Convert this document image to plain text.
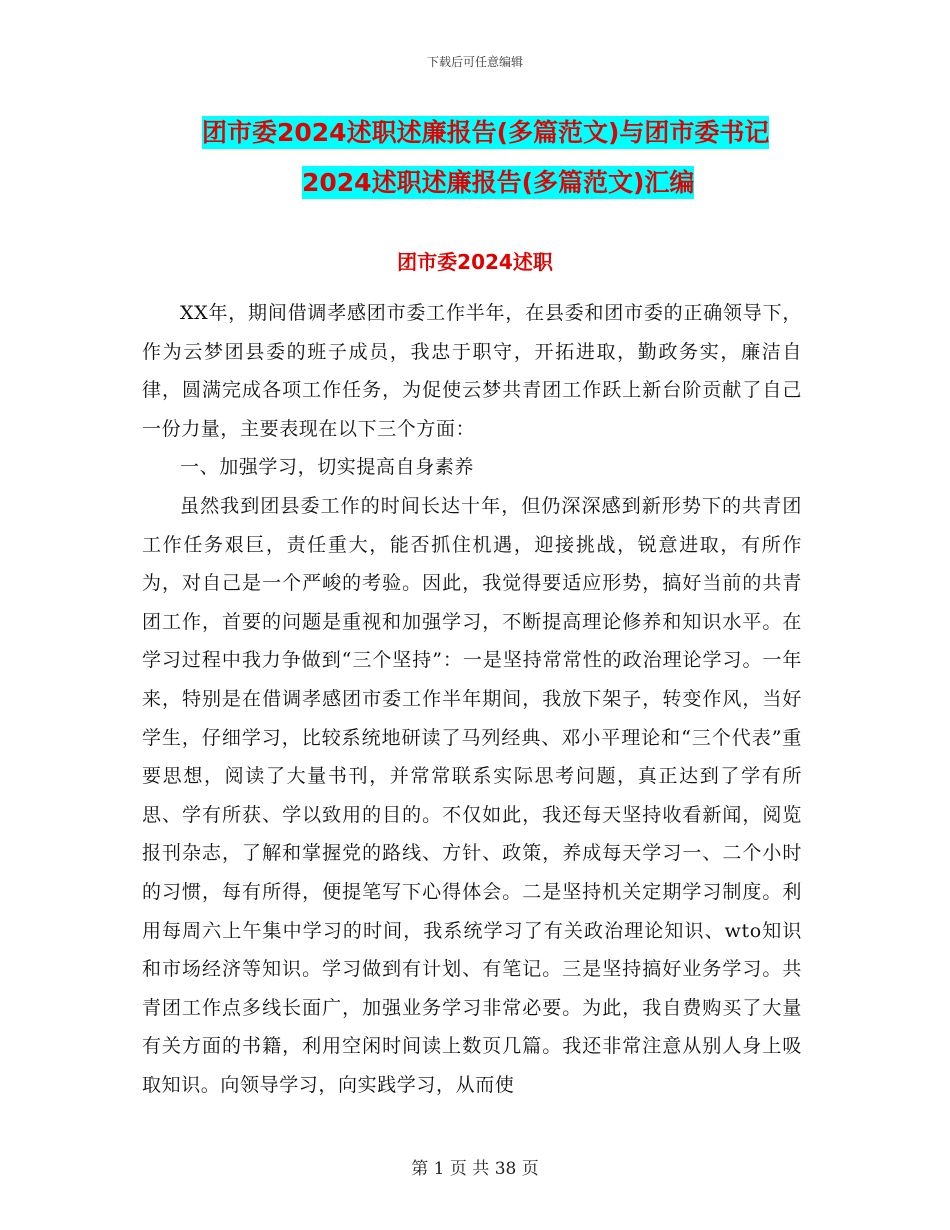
下载后可任意编辑
团市委2024述职述廉报告(多篇范文)与团市委书记
2024述职述廉报告(多篇范文)汇编
团市委2024述职

XX年，期间借调孝感团市委工作半年，在县委和团市委的正确领导下，作为云梦团县委的班子成员，我忠于职守，开拓进取，勤政务实，廉洁自律，圆满完成各项工作任务，为促使云梦共青团工作跃上新台阶贡献了自己一份力量，主要表现在以下三个方面：

一、加强学习，切实提高自身素养

虽然我到团县委工作的时间长达十年，但仍深深感到新形势下的共青团工作任务艰巨，责任重大，能否抓住机遇，迎接挑战，锐意进取，有所作为，对自己是一个严峻的考验。因此，我觉得要适应形势，搞好当前的共青团工作，首要的问题是重视和加强学习，不断提高理论修养和知识水平。在学习过程中我力争做到“三个坚持”：一是坚持常常性的政治理论学习。一年来，特别是在借调孝感团市委工作半年期间，我放下架子，转变作风，当好学生，仔细学习，比较系统地研读了马列经典、邓小平理论和“三个代表”重要思想，阅读了大量书刊，并常常联系实际思考问题，真正达到了学有所思、学有所获、学以致用的目的。不仅如此，我还每天坚持收看新闻，阅览报刊杂志，了解和掌握党的路线、方针、政策，养成每天学习一、二个小时的习惯，每有所得，便提笔写下心得体会。二是坚持机关定期学习制度。利用每周六上午集中学习的时间，我系统学习了有关政治理论知识、wto知识和市场经济等知识。学习做到有计划、有笔记。三是坚持搞好业务学习。共青团工作点多线长面广，加强业务学习非常必要。为此，我自费购买了大量有关方面的书籍，利用空闲时间读上数页几篇。我还非常注意从别人身上吸取知识。向领导学习，向实践学习，从而使

第 1 页 共 38 页
